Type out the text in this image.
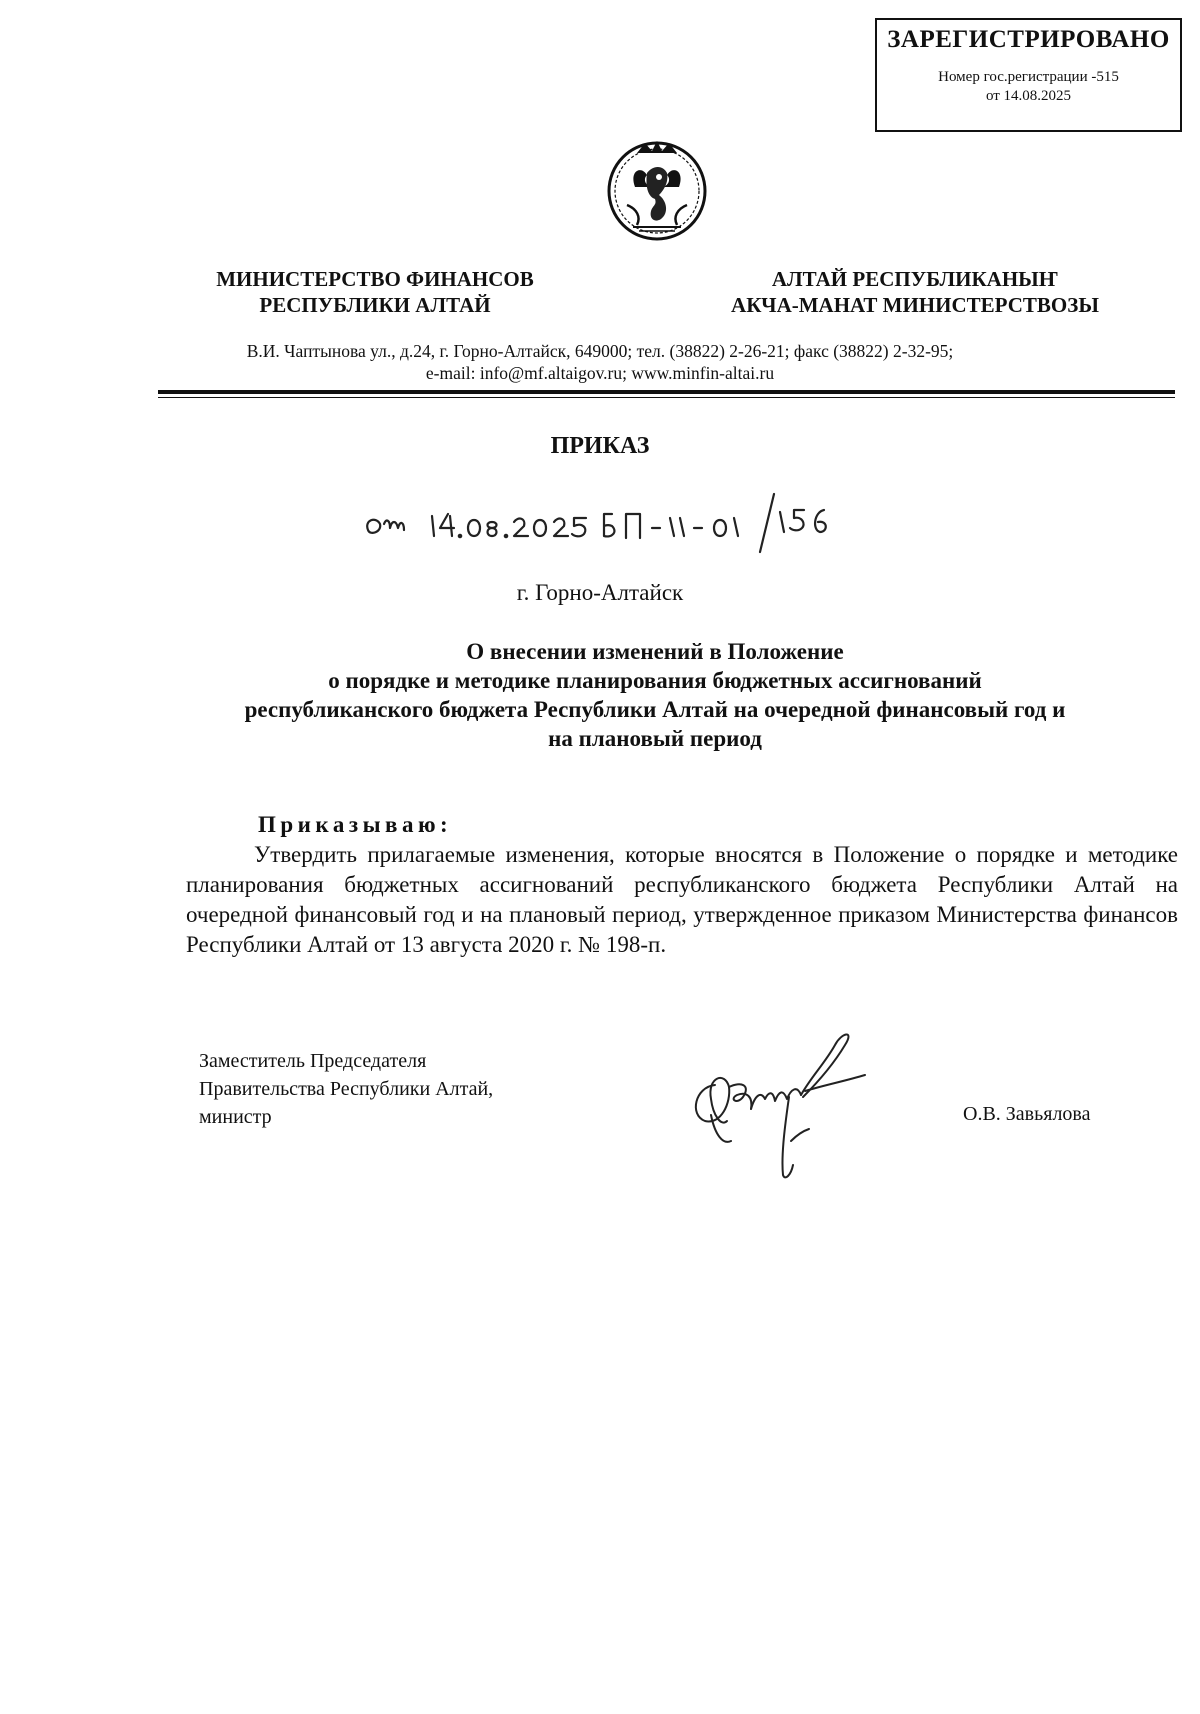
ЗАРЕГИСТРИРОВАНО
Номер гос.регистрации -515
от 14.08.2025
МИНИСТЕРСТВО ФИНАНСОВ
РЕСПУБЛИКИ АЛТАЙ
АЛТАЙ РЕСПУБЛИКАНЫҤ
АКЧА-МАНАТ МИНИСТЕРСТВОЗЫ
В.И. Чаптынова ул., д.24, г. Горно-Алтайск, 649000; тел. (38822) 2-26-21; факс (38822) 2-32-95;
e-mail: info@mf.altaigov.ru; www.minfin-altai.ru
ПРИКАЗ
г. Горно-Алтайск
О внесении изменений в Положение
о порядке и методике планирования бюджетных ассигнований
республиканского бюджета Республики Алтай на очередной финансовый год и
на плановый период
Приказываю:
Утвердить прилагаемые изменения, которые вносятся в Положение о порядке и методике планирования бюджетных ассигнований республиканского бюджета Республики Алтай на очередной финансовый год и на плановый период, утвержденное приказом Министерства финансов Республики Алтай от 13 августа 2020 г. № 198-п.
Заместитель Председателя
Правительства Республики Алтай,
министр	О.В. Завьялова
